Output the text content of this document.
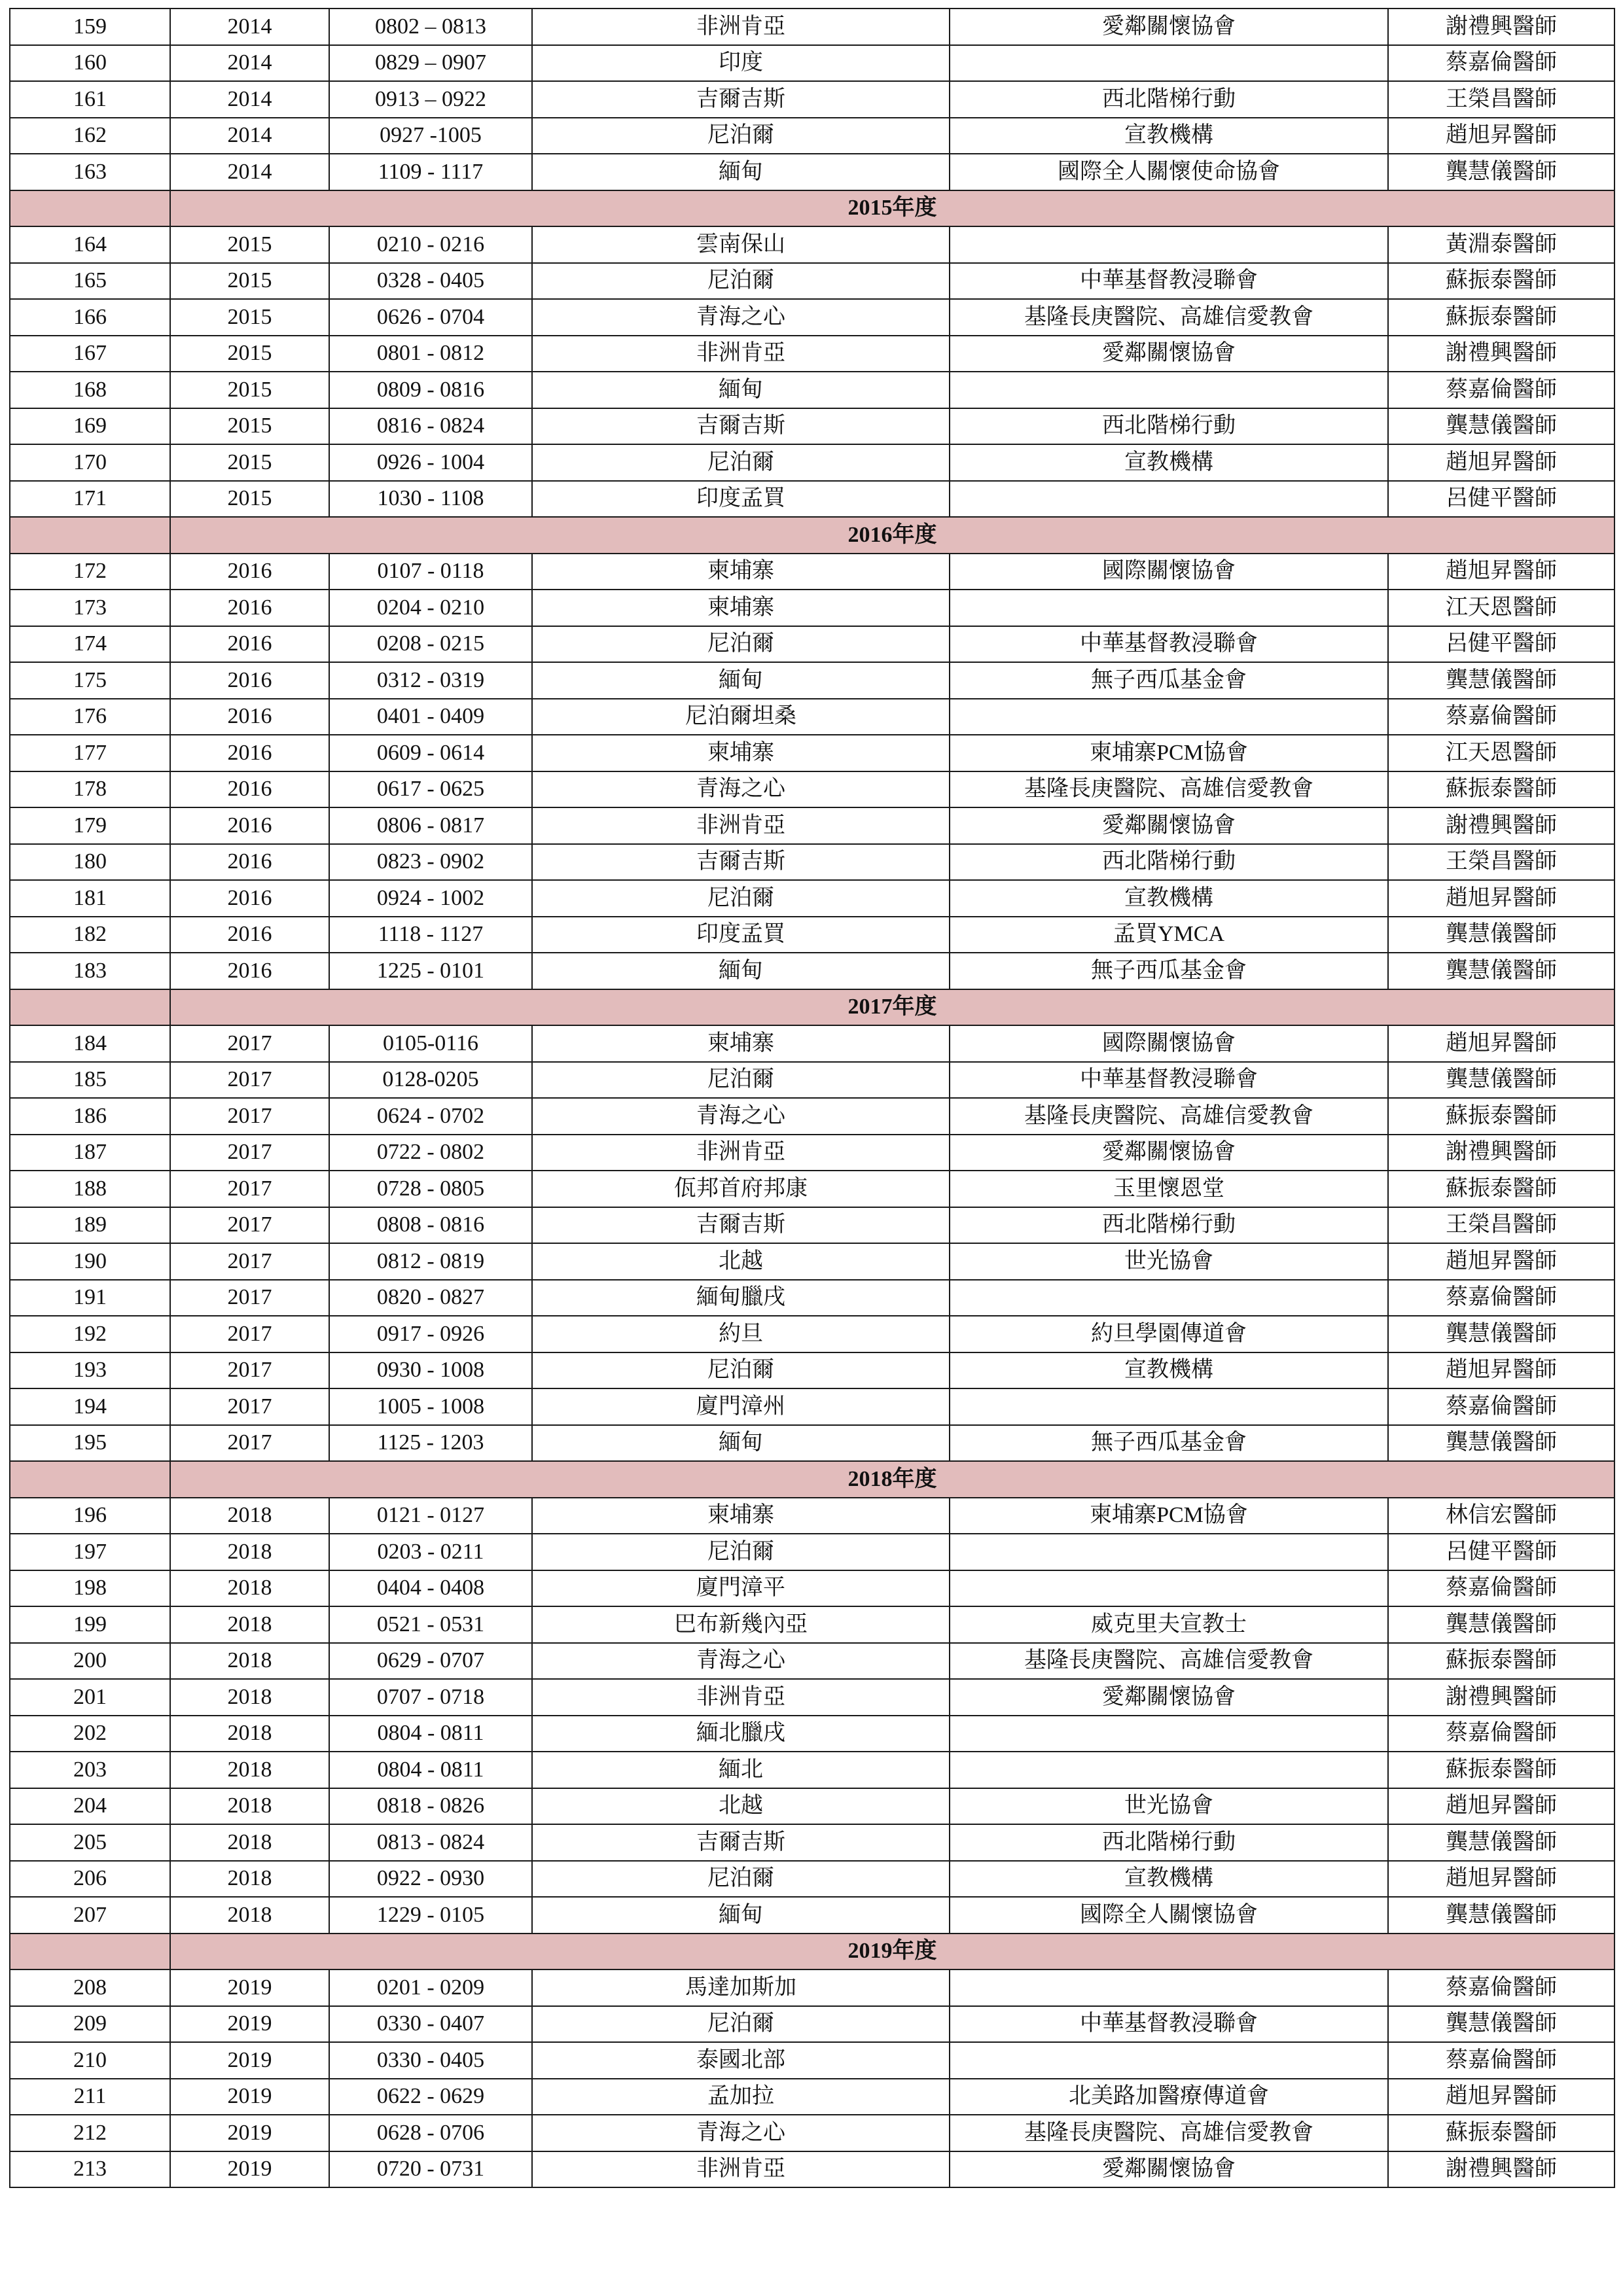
159	2014	0802 – 0813	非洲肯亞	愛鄰關懷協會	謝禮興醫師
160	2014	0829 – 0907	印度		蔡嘉倫醫師
161	2014	0913 – 0922	吉爾吉斯	西北階梯行動	王榮昌醫師
162	2014	0927 -1005	尼泊爾	宣教機構	趙旭昇醫師
163	2014	1109 - 1117	緬甸	國際全人關懷使命協會	龔慧儀醫師
	2015年度				
164	2015	0210 - 0216	雲南保山		黃淵泰醫師
165	2015	0328 - 0405	尼泊爾	中華基督教浸聯會	蘇振泰醫師
166	2015	0626 - 0704	青海之心	基隆長庚醫院、高雄信愛教會	蘇振泰醫師
167	2015	0801 - 0812	非洲肯亞	愛鄰關懷協會	謝禮興醫師
168	2015	0809 - 0816	緬甸		蔡嘉倫醫師
169	2015	0816 - 0824	吉爾吉斯	西北階梯行動	龔慧儀醫師
170	2015	0926 - 1004	尼泊爾	宣教機構	趙旭昇醫師
171	2015	1030 - 1108	印度孟買		呂健平醫師
	2016年度				
172	2016	0107 - 0118	柬埔寨	國際關懷協會	趙旭昇醫師
173	2016	0204 - 0210	柬埔寨		江天恩醫師
174	2016	0208 - 0215	尼泊爾	中華基督教浸聯會	呂健平醫師
175	2016	0312 - 0319	緬甸	無子西瓜基金會	龔慧儀醫師
176	2016	0401 - 0409	尼泊爾坦桑		蔡嘉倫醫師
177	2016	0609 - 0614	柬埔寨	柬埔寨PCM協會	江天恩醫師
178	2016	0617 - 0625	青海之心	基隆長庚醫院、高雄信愛教會	蘇振泰醫師
179	2016	0806 - 0817	非洲肯亞	愛鄰關懷協會	謝禮興醫師
180	2016	0823 - 0902	吉爾吉斯	西北階梯行動	王榮昌醫師
181	2016	0924 - 1002	尼泊爾	宣教機構	趙旭昇醫師
182	2016	1118 - 1127	印度孟買	孟買YMCA	龔慧儀醫師
183	2016	1225 - 0101	緬甸	無子西瓜基金會	龔慧儀醫師
	2017年度				
184	2017	0105-0116	柬埔寨	國際關懷協會	趙旭昇醫師
185	2017	0128-0205	尼泊爾	中華基督教浸聯會	龔慧儀醫師
186	2017	0624 - 0702	青海之心	基隆長庚醫院、高雄信愛教會	蘇振泰醫師
187	2017	0722 - 0802	非洲肯亞	愛鄰關懷協會	謝禮興醫師
188	2017	0728 - 0805	佤邦首府邦康	玉里懷恩堂	蘇振泰醫師
189	2017	0808 - 0816	吉爾吉斯	西北階梯行動	王榮昌醫師
190	2017	0812 - 0819	北越	世光協會	趙旭昇醫師
191	2017	0820 - 0827	緬甸臘戌		蔡嘉倫醫師
192	2017	0917 - 0926	約旦	約旦學園傳道會	龔慧儀醫師
193	2017	0930 - 1008	尼泊爾	宣教機構	趙旭昇醫師
194	2017	1005 - 1008	廈門漳州		蔡嘉倫醫師
195	2017	1125 - 1203	緬甸	無子西瓜基金會	龔慧儀醫師
	2018年度				
196	2018	0121 - 0127	柬埔寨	柬埔寨PCM協會	林信宏醫師
197	2018	0203 - 0211	尼泊爾		呂健平醫師
198	2018	0404 - 0408	廈門漳平		蔡嘉倫醫師
199	2018	0521 - 0531	巴布新幾內亞	威克里夫宣教士	龔慧儀醫師
200	2018	0629 - 0707	青海之心	基隆長庚醫院、高雄信愛教會	蘇振泰醫師
201	2018	0707 - 0718	非洲肯亞	愛鄰關懷協會	謝禮興醫師
202	2018	0804 - 0811	緬北臘戌		蔡嘉倫醫師
203	2018	0804 - 0811	緬北		蘇振泰醫師
204	2018	0818 - 0826	北越	世光協會	趙旭昇醫師
205	2018	0813 - 0824	吉爾吉斯	西北階梯行動	龔慧儀醫師
206	2018	0922 - 0930	尼泊爾	宣教機構	趙旭昇醫師
207	2018	1229 - 0105	緬甸	國際全人關懷協會	龔慧儀醫師
	2019年度				
208	2019	0201 - 0209	馬達加斯加		蔡嘉倫醫師
209	2019	0330 - 0407	尼泊爾	中華基督教浸聯會	龔慧儀醫師
210	2019	0330 - 0405	泰國北部		蔡嘉倫醫師
211	2019	0622 - 0629	孟加拉	北美路加醫療傳道會	趙旭昇醫師
212	2019	0628 - 0706	青海之心	基隆長庚醫院、高雄信愛教會	蘇振泰醫師
213	2019	0720 - 0731	非洲肯亞	愛鄰關懷協會	謝禮興醫師
